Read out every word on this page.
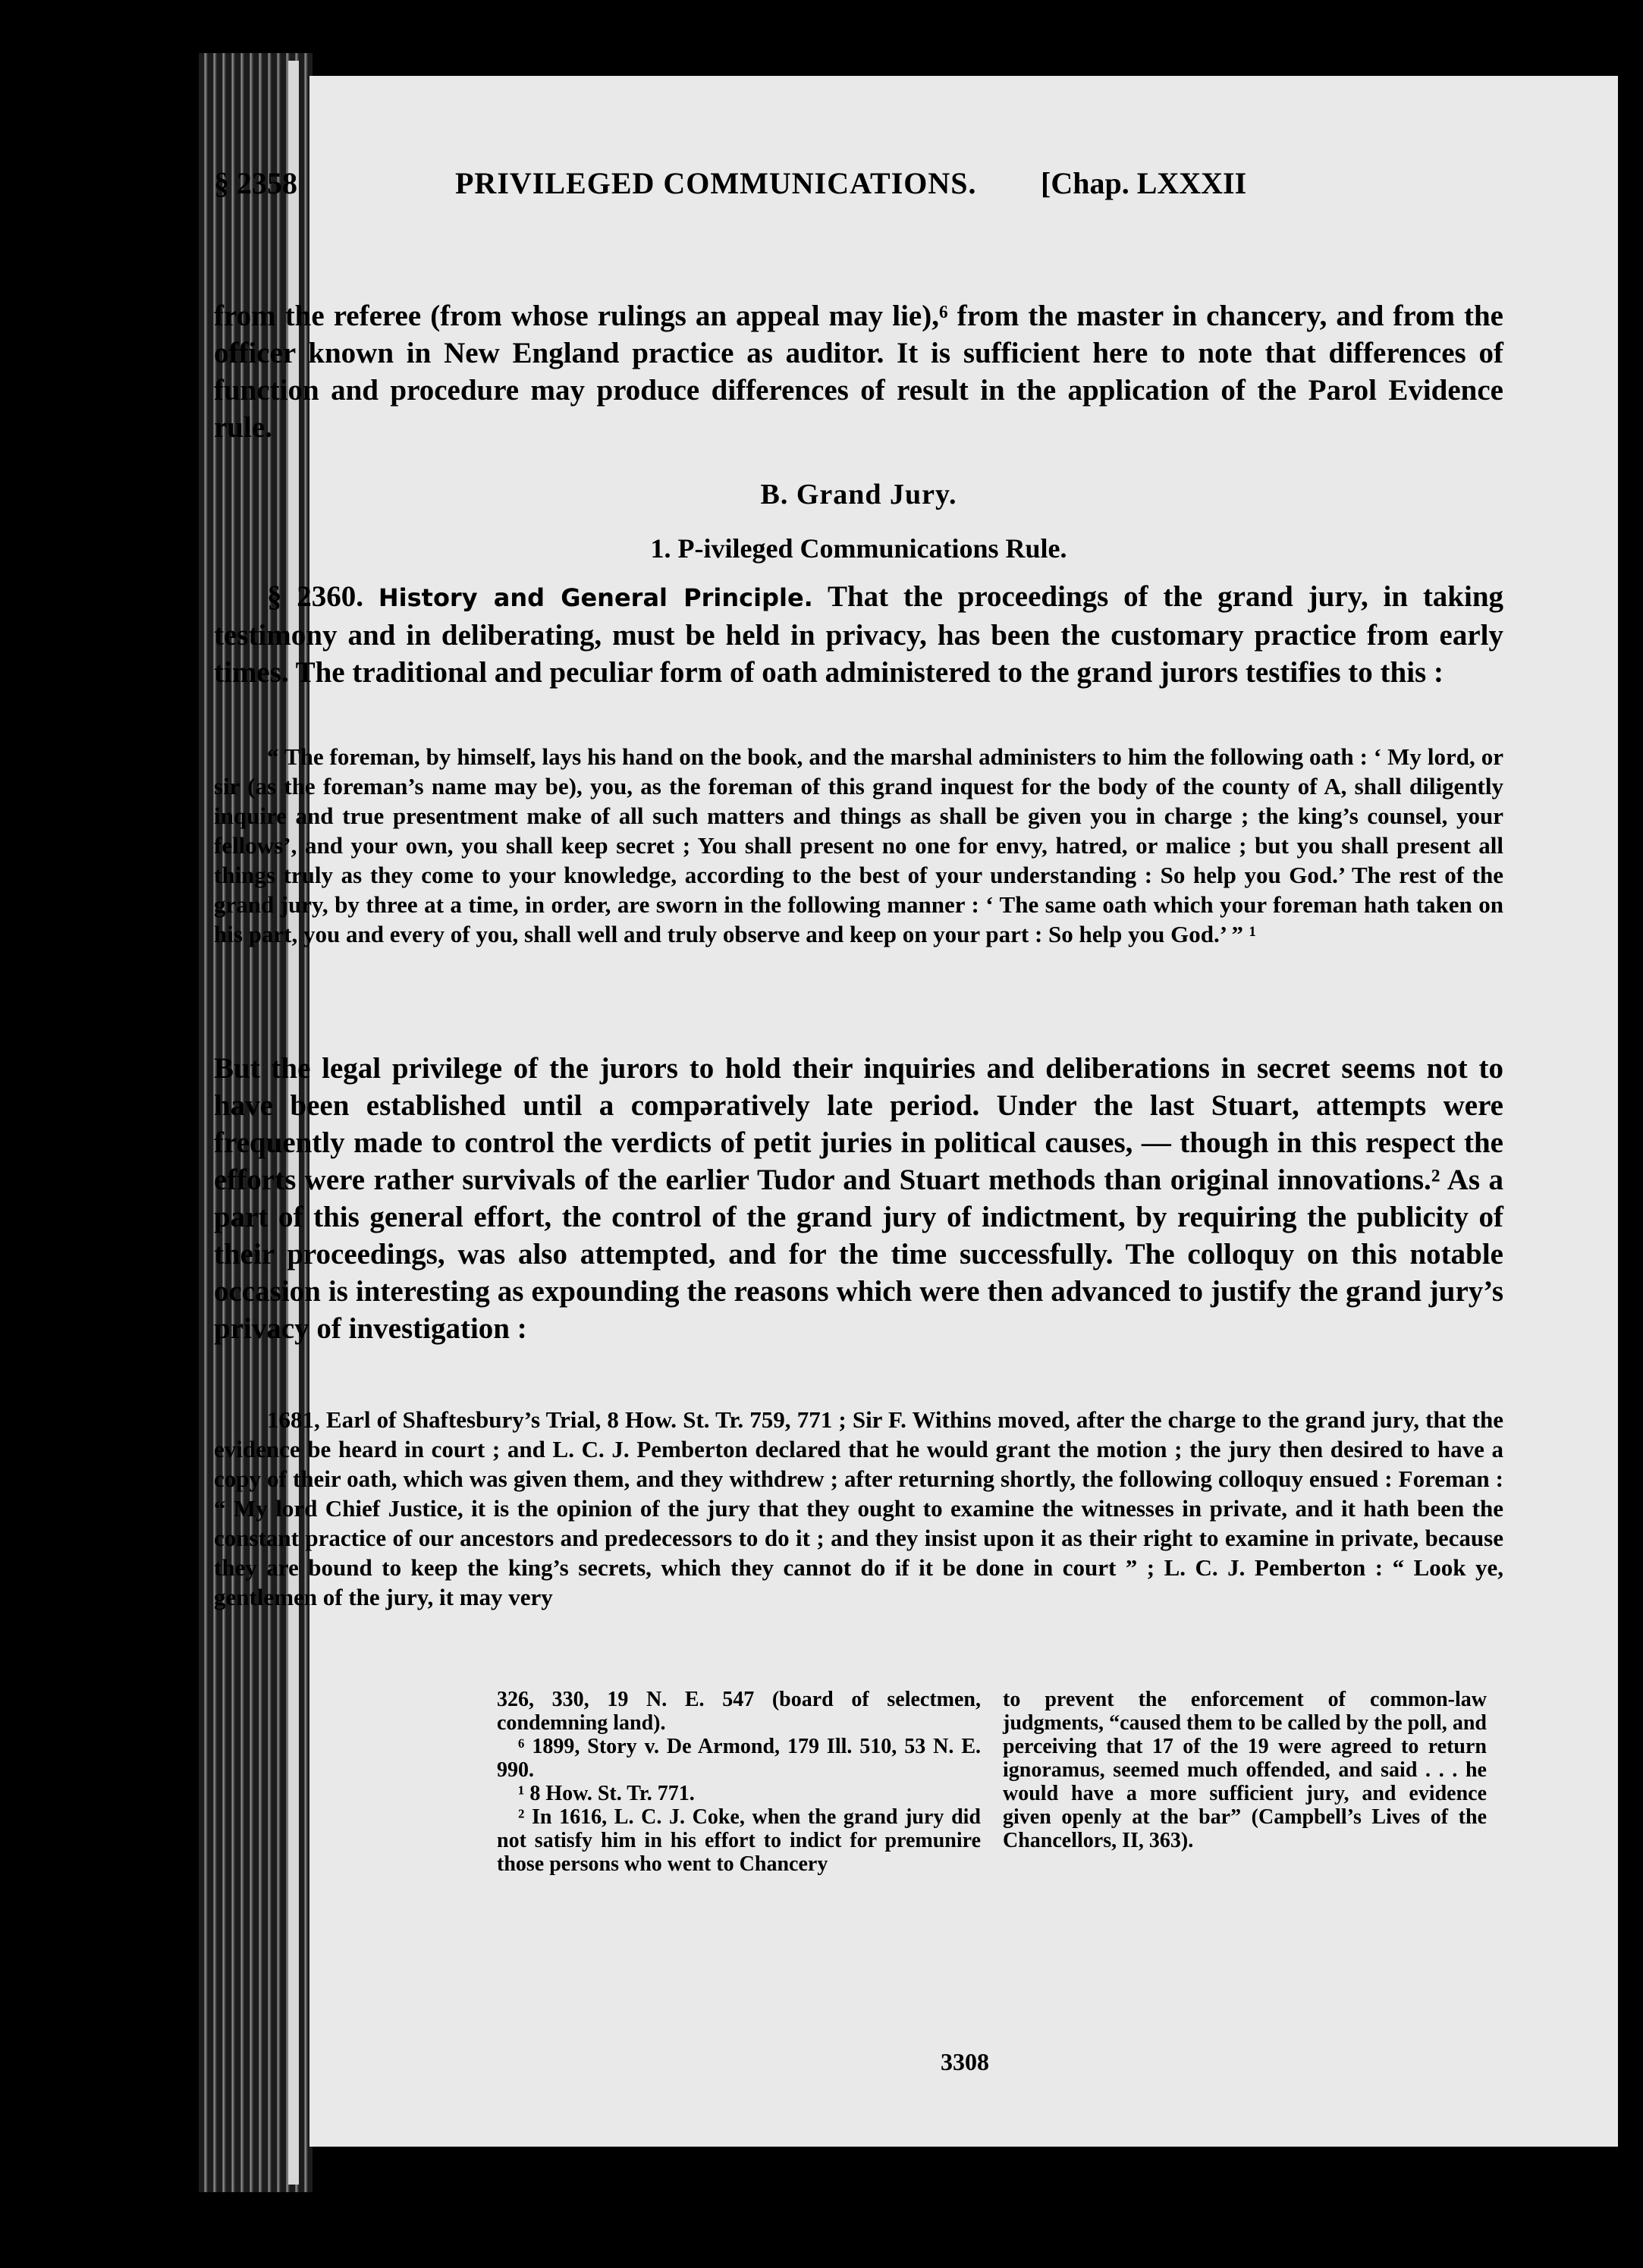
§ 2358	PRIVILEGED COMMUNICATIONS. [Chap. LXXXII

from the referee (from whose rulings an appeal may lie),⁶ from the master in chancery, and from the officer known in New England practice as auditor. It is sufficient here to note that differences of function and procedure may produce differences of result in the application of the Parol Evidence rule.

B. Grand Jury.
1. P-ivileged Communications Rule.

§ 2360. History and General Principle. That the proceedings of the grand jury, in taking testimony and in deliberating, must be held in privacy, has been the customary practice from early times. The traditional and peculiar form of oath administered to the grand jurors testifies to this :

“ The foreman, by himself, lays his hand on the book, and the marshal administers to him the following oath : ‘ My lord, or sir (as the foreman’s name may be), you, as the foreman of this grand inquest for the body of the county of A, shall diligently inquire and true presentment make of all such matters and things as shall be given you in charge ; the king’s counsel, your fellows’, and your own, you shall keep secret ; You shall present no one for envy, hatred, or malice ; but you shall present all things truly as they come to your knowledge, according to the best of your understanding : So help you God.’ The rest of the grand jury, by three at a time, in order, are sworn in the following manner : ‘ The same oath which your foreman hath taken on his part, you and every of you, shall well and truly observe and keep on your part : So help you God.’ ” ¹

But the legal privilege of the jurors to hold their inquiries and deliberations in secret seems not to have been established until a compəratively late period. Under the last Stuart, attempts were frequently made to control the verdicts of petit juries in political causes, — though in this respect the efforts were rather survivals of the earlier Tudor and Stuart methods than original innovations.² As a part of this general effort, the control of the grand jury of indictment, by requiring the publicity of their proceedings, was also attempted, and for the time successfully. The colloquy on this notable occasion is interesting as expounding the reasons which were then advanced to justify the grand jury’s privacy of investigation :

1681, Earl of Shaftesbury’s Trial, 8 How. St. Tr. 759, 771 ; Sir F. Withins moved, after the charge to the grand jury, that the evidence be heard in court ; and L. C. J. Pemberton declared that he would grant the motion ; the jury then desired to have a copy of their oath, which was given them, and they withdrew ; after returning shortly, the following colloquy ensued : Foreman : “ My lord Chief Justice, it is the opinion of the jury that they ought to examine the witnesses in private, and it hath been the constant practice of our ancestors and predecessors to do it ; and they insist upon it as their right to examine in private, because they are bound to keep the king’s secrets, which they cannot do if it be done in court ” ; L. C. J. Pemberton : “ Look ye, gentlemen of the jury, it may very

326, 330, 19 N. E. 547 (board of selectmen, condemning land).

⁶ 1899, Story v. De Armond, 179 Ill. 510, 53 N. E. 990.

¹ 8 How. St. Tr. 771.

² In 1616, L. C. J. Coke, when the grand jury did not satisfy him in his effort to indict for premunire those persons who went to Chancery

to prevent the enforcement of common-law judgments, “caused them to be called by the poll, and perceiving that 17 of the 19 were agreed to return ignoramus, seemed much offended, and said . . . he would have a more sufficient jury, and evidence given openly at the bar” (Campbell’s Lives of the Chancellors, II, 363).

3308
